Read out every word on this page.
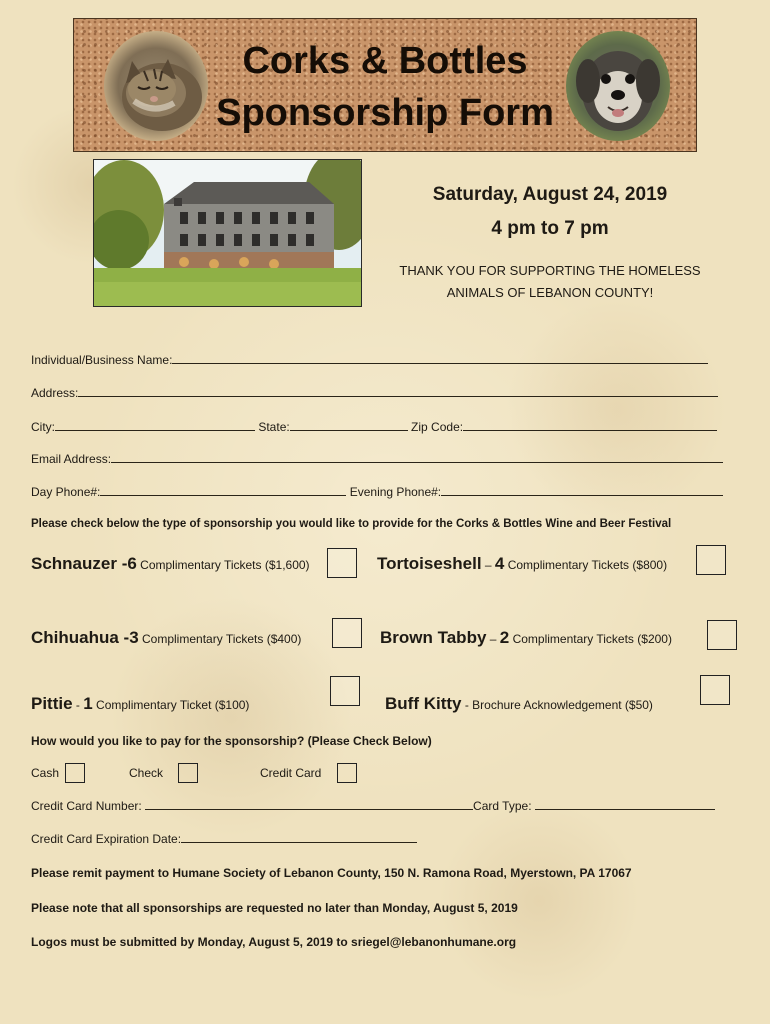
Corks & Bottles
Sponsorship Form
Saturday, August 24, 2019
4 pm to 7 pm
THANK YOU FOR SUPPORTING THE HOMELESS
ANIMALS OF LEBANON COUNTY!
Individual/Business Name:
Address:
City:	State:	Zip Code:
Email Address:
Day Phone#:	Evening Phone#:
Please check below the type of sponsorship you would like to provide for the Corks & Bottles Wine and Beer Festival
Schnauzer -6 Complimentary Tickets ($1,600)	Tortoiseshell – 4 Complimentary Tickets ($800)
Chihuahua -3 Complimentary Tickets ($400)	Brown Tabby – 2 Complimentary Tickets ($200)
Pittie - 1 Complimentary Ticket ($100)	Buff Kitty - Brochure Acknowledgement ($50)
How would you like to pay for the sponsorship? (Please Check Below)
Cash	Check	Credit Card
Credit Card Number:	Card Type:
Credit Card Expiration Date:
Please remit payment to Humane Society of Lebanon County, 150 N. Ramona Road, Myerstown, PA 17067
Please note that all sponsorships are requested no later than Monday, August 5, 2019
Logos must be submitted by Monday, August 5, 2019 to sriegel@lebanonhumane.org
